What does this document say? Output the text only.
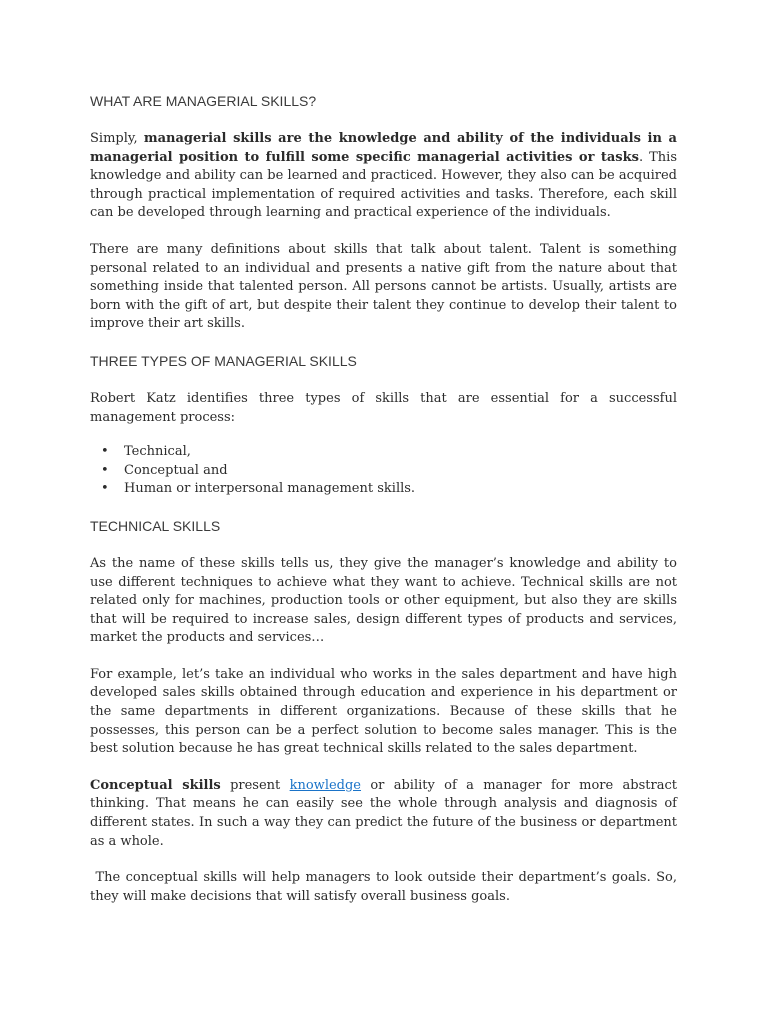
WHAT ARE MANAGERIAL SKILLS?

Simply, managerial skills are the knowledge and ability of the individuals in a managerial position to fulfill some specific managerial activities or tasks. This knowledge and ability can be learned and practiced. However, they also can be acquired through practical implementation of required activities and tasks. Therefore, each skill can be developed through learning and practical experience of the individuals.

There are many definitions about skills that talk about talent. Talent is something personal related to an individual and presents a native gift from the nature about that something inside that talented person. All persons cannot be artists. Usually, artists are born with the gift of art, but despite their talent they continue to develop their talent to improve their art skills.

THREE TYPES OF MANAGERIAL SKILLS

Robert Katz identifies three types of skills that are essential for a successful management process:

• Technical,
• Conceptual and
• Human or interpersonal management skills.
TECHNICAL SKILLS

As the name of these skills tells us, they give the manager’s knowledge and ability to use different techniques to achieve what they want to achieve. Technical skills are not related only for machines, production tools or other equipment, but also they are skills that will be required to increase sales, design different types of products and services, market the products and services…

For example, let’s take an individual who works in the sales department and have high developed sales skills obtained through education and experience in his department or the same departments in different organizations. Because of these skills that he possesses, this person can be a perfect solution to become sales manager. This is the best solution because he has great technical skills related to the sales department.

Conceptual skills present knowledge or ability of a manager for more abstract thinking. That means he can easily see the whole through analysis and diagnosis of different states. In such a way they can predict the future of the business or department as a whole.

The conceptual skills will help managers to look outside their department’s goals. So, they will make decisions that will satisfy overall business goals.
